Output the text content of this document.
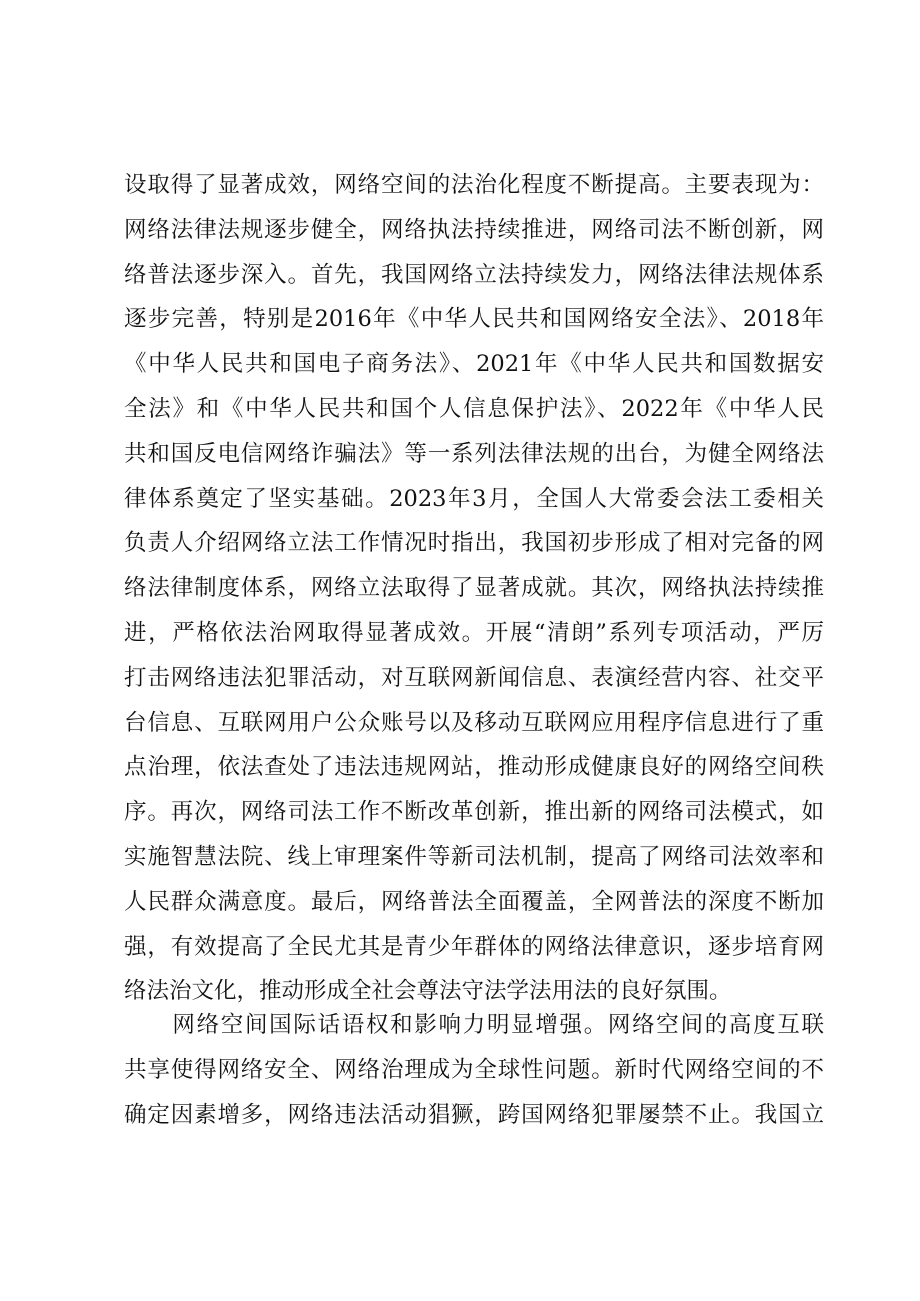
设取得了显著成效，网络空间的法治化程度不断提高。主要表现为：
网络法律法规逐步健全，网络执法持续推进，网络司法不断创新，网
络普法逐步深入。首先，我国网络立法持续发力，网络法律法规体系
逐步完善，特别是2016年《中华人民共和国网络安全法》、2018年
《中华人民共和国电子商务法》、2021年《中华人民共和国数据安
全法》和《中华人民共和国个人信息保护法》、2022年《中华人民
共和国反电信网络诈骗法》等一系列法律法规的出台，为健全网络法
律体系奠定了坚实基础。2023年3月，全国人大常委会法工委相关
负责人介绍网络立法工作情况时指出，我国初步形成了相对完备的网
络法律制度体系，网络立法取得了显著成就。其次，网络执法持续推
进，严格依法治网取得显著成效。开展“清朗”系列专项活动，严厉
打击网络违法犯罪活动，对互联网新闻信息、表演经营内容、社交平
台信息、互联网用户公众账号以及移动互联网应用程序信息进行了重
点治理，依法查处了违法违规网站，推动形成健康良好的网络空间秩
序。再次，网络司法工作不断改革创新，推出新的网络司法模式，如
实施智慧法院、线上审理案件等新司法机制，提高了网络司法效率和
人民群众满意度。最后，网络普法全面覆盖，全网普法的深度不断加
强，有效提高了全民尤其是青少年群体的网络法律意识，逐步培育网
络法治文化，推动形成全社会尊法守法学法用法的良好氛围。
　　网络空间国际话语权和影响力明显增强。网络空间的高度互联
共享使得网络安全、网络治理成为全球性问题。新时代网络空间的不
确定因素增多，网络违法活动猖獗，跨国网络犯罪屡禁不止。我国立
